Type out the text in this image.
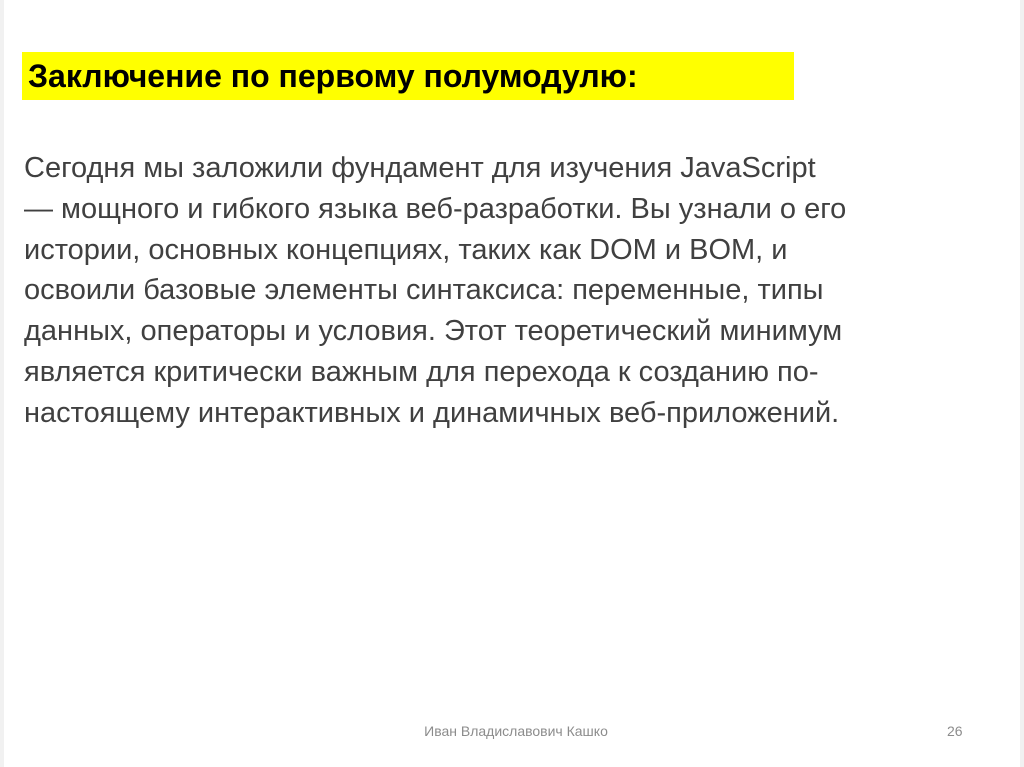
Заключение по первому полумодулю:
Сегодня мы заложили фундамент для изучения JavaScript
— мощного и гибкого языка веб-разработки. Вы узнали о его
истории, основных концепциях, таких как DOM и BOM, и
освоили базовые элементы синтаксиса: переменные, типы
данных, операторы и условия. Этот теоретический минимум
является критически важным для перехода к созданию по-
настоящему интерактивных и динамичных веб-приложений.
Иван Владиславович Кашко	26
